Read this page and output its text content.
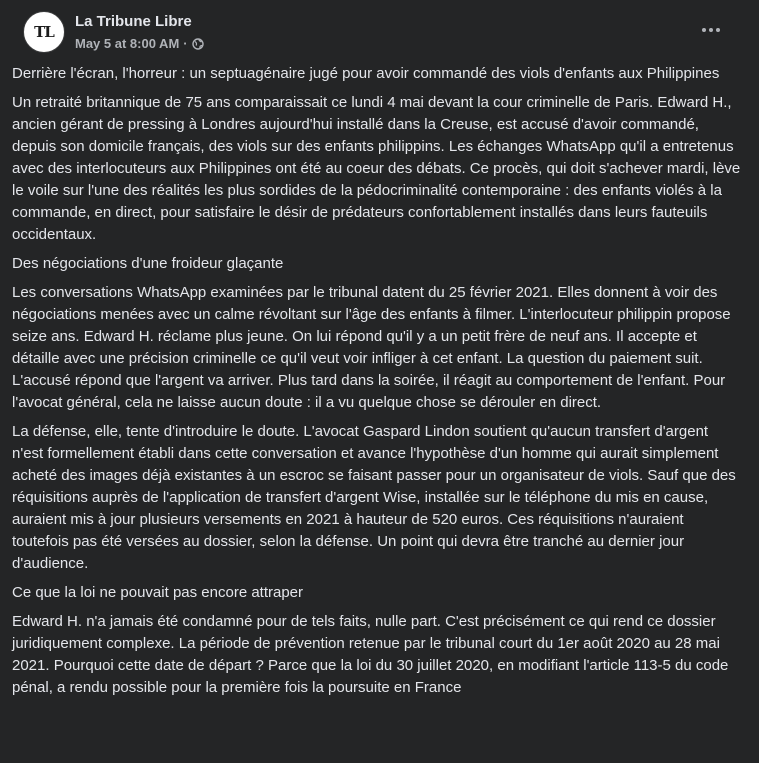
TL
La Tribune Libre
May 5 at 8:00 AM ·

Derrière l'écran, l'horreur : un septuagénaire jugé pour avoir commandé des viols d'enfants aux Philippines

Un retraité britannique de 75 ans comparaissait ce lundi 4 mai devant la cour criminelle de Paris. Edward H., ancien gérant de pressing à Londres aujourd'hui installé dans la Creuse, est accusé d'avoir commandé, depuis son domicile français, des viols sur des enfants philippins. Les échanges WhatsApp qu'il a entretenus avec des interlocuteurs aux Philippines ont été au coeur des débats. Ce procès, qui doit s'achever mardi, lève le voile sur l'une des réalités les plus sordides de la pédocriminalité contemporaine : des enfants violés à la commande, en direct, pour satisfaire le désir de prédateurs confortablement installés dans leurs fauteuils occidentaux.

Des négociations d'une froideur glaçante

Les conversations WhatsApp examinées par le tribunal datent du 25 février 2021. Elles donnent à voir des négociations menées avec un calme révoltant sur l'âge des enfants à filmer. L'interlocuteur philippin propose seize ans. Edward H. réclame plus jeune. On lui répond qu'il y a un petit frère de neuf ans. Il accepte et détaille avec une précision criminelle ce qu'il veut voir infliger à cet enfant. La question du paiement suit. L'accusé répond que l'argent va arriver. Plus tard dans la soirée, il réagit au comportement de l'enfant. Pour l'avocat général, cela ne laisse aucun doute : il a vu quelque chose se dérouler en direct.

La défense, elle, tente d'introduire le doute. L'avocat Gaspard Lindon soutient qu'aucun transfert d'argent n'est formellement établi dans cette conversation et avance l'hypothèse d'un homme qui aurait simplement acheté des images déjà existantes à un escroc se faisant passer pour un organisateur de viols. Sauf que des réquisitions auprès de l'application de transfert d'argent Wise, installée sur le téléphone du mis en cause, auraient mis à jour plusieurs versements en 2021 à hauteur de 520 euros. Ces réquisitions n'auraient toutefois pas été versées au dossier, selon la défense. Un point qui devra être tranché au dernier jour d'audience.

Ce que la loi ne pouvait pas encore attraper

Edward H. n'a jamais été condamné pour de tels faits, nulle part. C'est précisément ce qui rend ce dossier juridiquement complexe. La période de prévention retenue par le tribunal court du 1er août 2020 au 28 mai 2021. Pourquoi cette date de départ ? Parce que la loi du 30 juillet 2020, en modifiant l'article 113-5 du code pénal, a rendu possible pour la première fois la poursuite en France
